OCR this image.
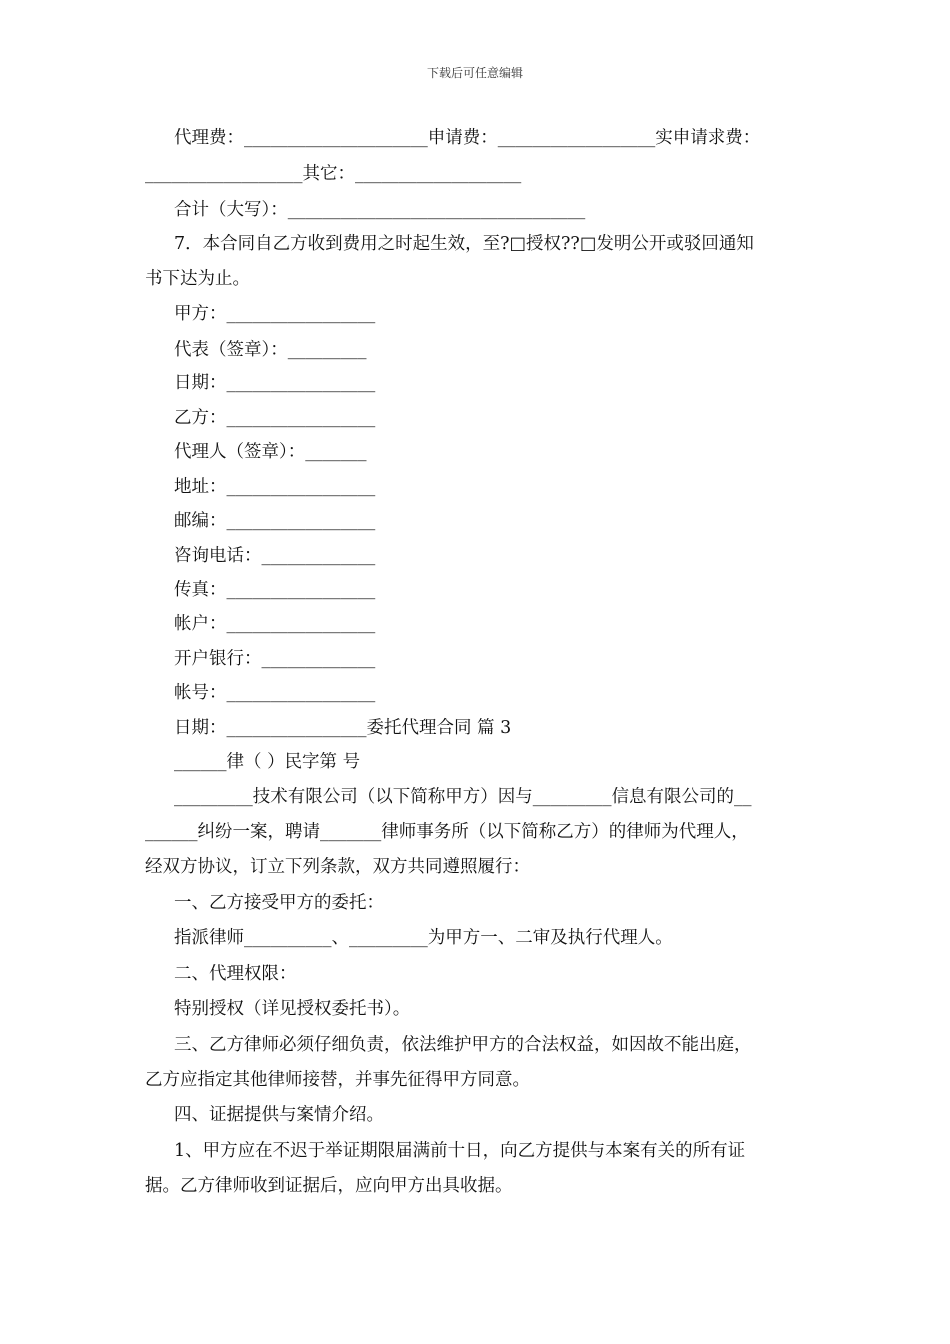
下载后可任意编辑
代理费：_____________________申请费：__________________实申请求费：
__________________其它：___________________
合计（大写）：__________________________________
7．本合同自乙方收到费用之时起生效，至?□授权??□发明公开或驳回通知
书下达为止。
甲方：_________________
代表（签章）：_________
日期：_________________
乙方：_________________
代理人（签章）：_______
地址：_________________
邮编：_________________
咨询电话：_____________
传真：_________________
帐户：_________________
开户银行：_____________
帐号：_________________
日期：________________委托代理合同 篇 3
______律（ ）民字第 号
_________技术有限公司（以下简称甲方）因与_________信息有限公司的__
______纠纷一案，聘请_______律师事务所（以下简称乙方）的律师为代理人，
经双方协议，订立下列条款，双方共同遵照履行：
一、乙方接受甲方的委托：
指派律师__________、_________为甲方一、二审及执行代理人。
二、代理权限：
特别授权（详见授权委托书）。
三、乙方律师必须仔细负责，依法维护甲方的合法权益，如因故不能出庭，
乙方应指定其他律师接替，并事先征得甲方同意。
四、证据提供与案情介绍。
1、甲方应在不迟于举证期限届满前十日，向乙方提供与本案有关的所有证
据。乙方律师收到证据后，应向甲方出具收据。
